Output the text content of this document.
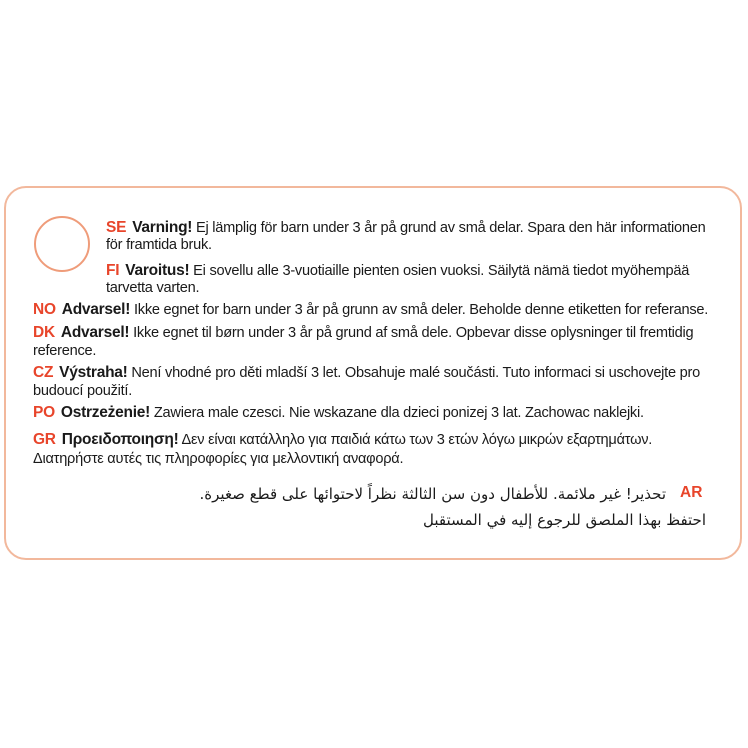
SE Varning! Ej lämplig för barn under 3 år på grund av små delar. Spara den här informationen
för framtida bruk.
FI Varoitus! Ei sovellu alle 3-vuotiaille pienten osien vuoksi. Säilytä nämä tiedot myöhempää
tarvetta varten.
NO Advarsel! Ikke egnet for barn under 3 år på grunn av små deler. Beholde denne etiketten for referanse.
DK Advarsel! Ikke egnet til børn under 3 år på grund af små dele. Opbevar disse oplysninger til fremtidig
reference.
CZ Výstraha! Není vhodné pro děti mladší 3 let. Obsahuje malé součásti. Tuto informaci si uschovejte pro
budoucí použití.
PO Ostrzeżenie! Zawiera male czesci. Nie wskazane dla dzieci ponizej 3 lat. Zachowac naklejki.
GR Προειδοποιηση! Δεν είναι κατάλληλο για παιδιά κάτω των 3 ετών λόγω μικρών εξαρτημάτων.
Διατηρήστε αυτές τις πληροφορίες για μελλοντική αναφορά.
AR
تحذير! غير ملائمة. للأطفال دون سن الثالثة نظراً لاحتوائها على قطع صغيرة.
احتفظ بهذا الملصق للرجوع إليه في المستقبل
